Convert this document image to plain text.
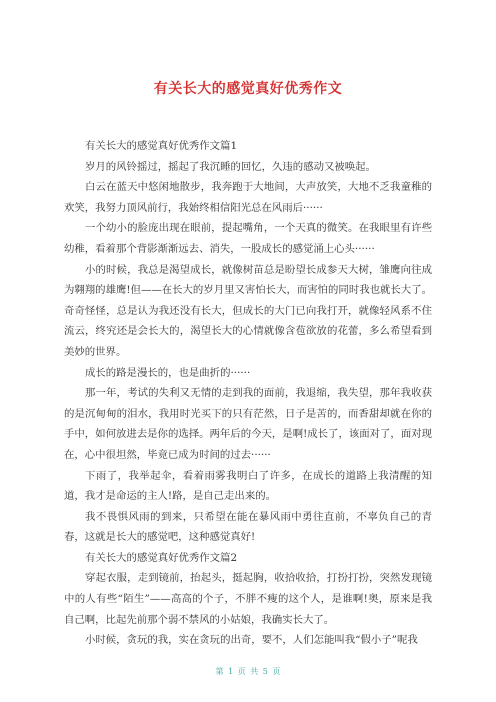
有关长大的感觉真好优秀作文

有关长大的感觉真好优秀作文篇1

岁月的风铃摇过，摇起了我沉睡的回忆，久违的感动又被唤起。

白云在蓝天中悠闲地散步，我奔跑于大地间，大声放笑，大地不乏我童稚的欢笑，我努力顶风前行，我始终相信阳光总在风雨后······

一个幼小的脸庞出现在眼前，提起嘴角，一个天真的微笑。在我眼里有许些幼稚，看着那个背影渐渐远去、消失，一股成长的感觉涌上心头······

小的时候，我总是渴望成长，就像树苗总是盼望长成参天大树，雏鹰向往成为翱翔的雄鹰!但——在长大的岁月里又害怕长大，而害怕的同时我也就长大了。奇奇怪怪，总是认为我还没有长大，但成长的大门已向我打开，就像轻风系不住流云，终究还是会长大的，渴望长大的心情就像含苞欲放的花蕾，多么希望看到美妙的世界。

成长的路是漫长的，也是曲折的······

那一年，考试的失利又无情的走到我的面前，我退缩，我失望，那年我收获的是沉甸甸的泪水，我用时光买下的只有茫然，日子是苦的，而香甜却就在你的手中，如何放进去是你的选择。两年后的今天，是啊!成长了，该面对了，面对现在，心中很坦然，毕竟已成为时间的过去······

下雨了，我举起伞，看着雨雾我明白了许多，在成长的道路上我清醒的知道，我才是命运的主人!路，是自己走出来的。

我不畏惧风雨的到来，只希望在能在暴风雨中勇往直前，不辜负自己的青春，这就是长大的感觉吧，这种感觉真好!

有关长大的感觉真好优秀作文篇2

穿起衣服，走到镜前，抬起头，挺起胸，收拾收拾，打扮打扮，突然发现镜中的人有些“陌生”——高高的个子，不胖不瘦的这个人，是谁啊!奥，原来是我自己啊，比起先前那个弱不禁风的小姑娘，我确实长大了。

小时候，贪玩的我，实在贪玩的出奇，要不，人们怎能叫我“假小子”呢我

第 1 页 共 5 页
